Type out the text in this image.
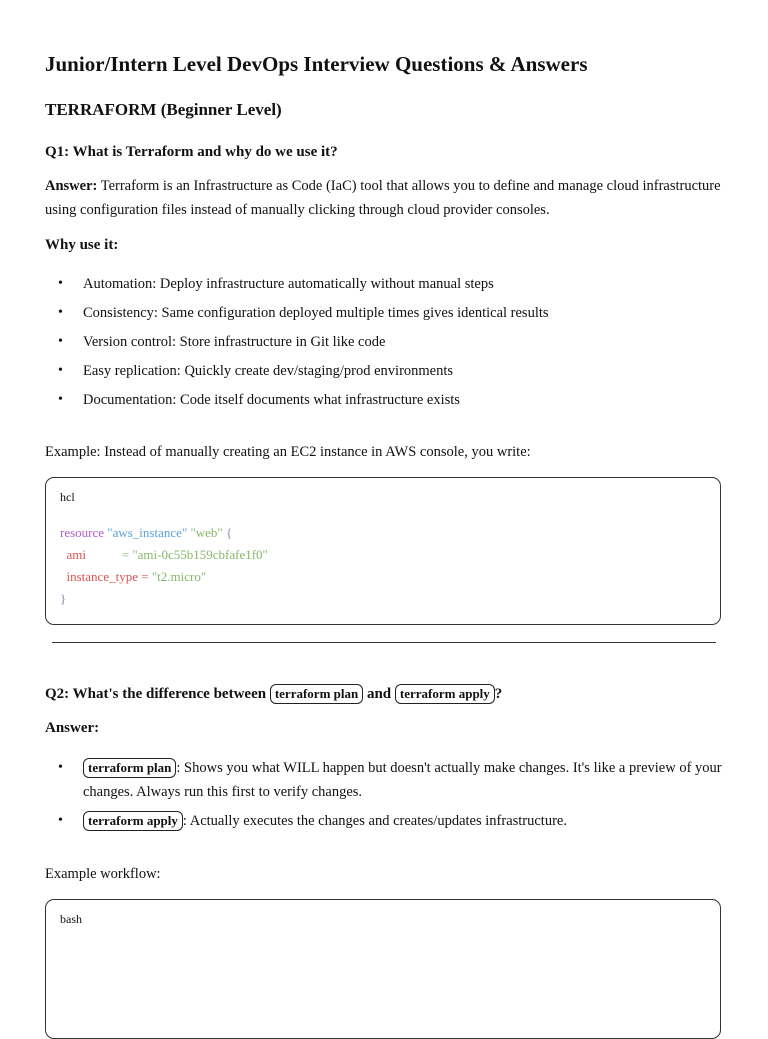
Junior/Intern Level DevOps Interview Questions & Answers
TERRAFORM (Beginner Level)

Q1: What is Terraform and why do we use it?

Answer: Terraform is an Infrastructure as Code (IaC) tool that allows you to define and manage cloud infrastructure using configuration files instead of manually clicking through cloud provider consoles.

Why use it:

• Automation: Deploy infrastructure automatically without manual steps
• Consistency: Same configuration deployed multiple times gives identical results
• Version control: Store infrastructure in Git like code
• Easy replication: Quickly create dev/staging/prod environments
• Documentation: Code itself documents what infrastructure exists

Example: Instead of manually creating an EC2 instance in AWS console, you write:

hcl
resource "aws_instance" "web" {
ami           = "ami-0c55b159cbfafe1f0"
instance_type = "t2.micro"
}

Q2: What's the difference between terraform plan and terraform apply ?

Answer:

• terraform plan : Shows you what WILL happen but doesn't actually make changes. It's like a preview of your changes. Always run this first to verify changes.
• terraform apply : Actually executes the changes and creates/updates infrastructure.

Example workflow:

bash
